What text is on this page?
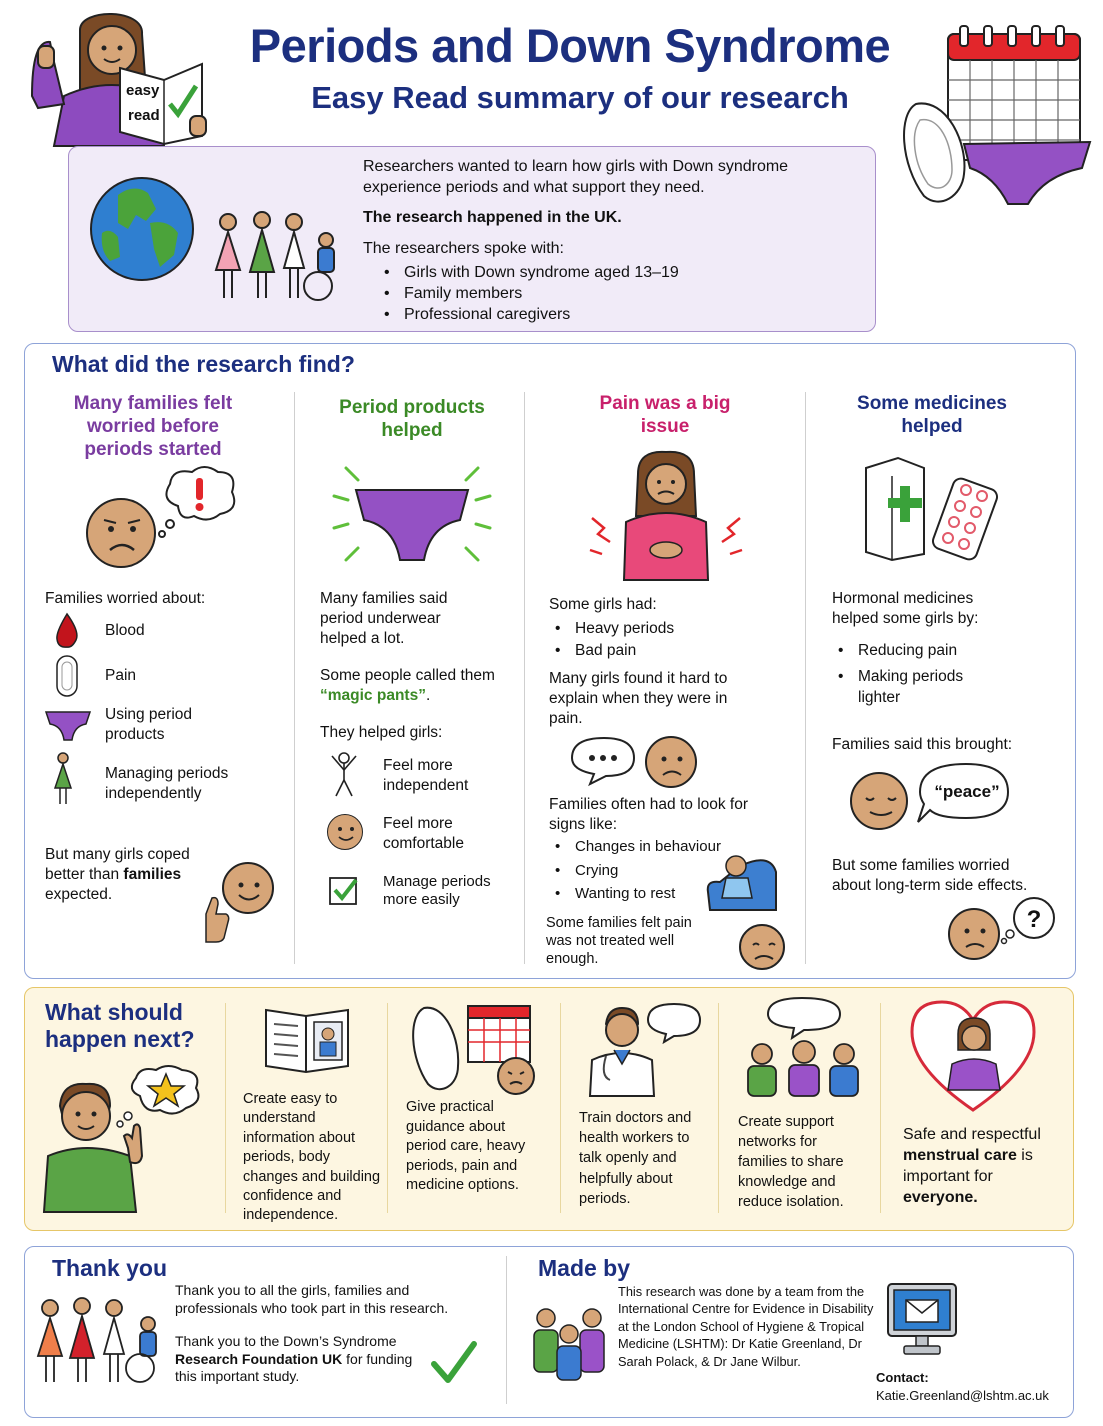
Periods and Down Syndrome
Easy Read summary of our research
easy
read
Researchers wanted to learn how girls with Down syndrome experience periods and what support they need.
The research happened in the UK.
The researchers spoke with:
• Girls with Down syndrome aged 13–19
• Family members
• Professional caregivers
What did the research find?
Many families felt worried before periods started
Families worried about:
Blood
Pain
Using period products
Managing periods independently
But many girls coped better than families expected.
Period products helped
Many families said period underwear helped a lot.
Some people called them “magic pants”.
They helped girls:
Feel more independent
Feel more comfortable
Manage periods more easily
Pain was a big issue
Some girls had:
• Heavy periods
• Bad pain
Many girls found it hard to explain when they were in pain.
Families often had to look for signs like:
• Changes in behaviour
• Crying
• Wanting to rest
Some families felt pain was not treated well enough.
Some medicines helped
Hormonal medicines helped some girls by:
• Reducing pain
• Making periods lighter
Families said this brought:
“peace”
But some families worried about long-term side effects.
?
What should happen next?
Create easy to understand information about periods, body changes and building confidence and independence.
Give practical guidance about period care, heavy periods, pain and medicine options.
Train doctors and health workers to talk openly and helpfully about periods.
Create support networks for families to share knowledge and reduce isolation.
Safe and respectful menstrual care is important for everyone.
Thank you
Thank you to all the girls, families and professionals who took part in this research.
Thank you to the Down’s Syndrome Research Foundation UK for funding this important study.
Made by
This research was done by a team from the International Centre for Evidence in Disability at the London School of Hygiene & Tropical Medicine (LSHTM): Dr Katie Greenland, Dr Sarah Polack, & Dr Jane Wilbur.
Contact:
Katie.Greenland@lshtm.ac.uk
